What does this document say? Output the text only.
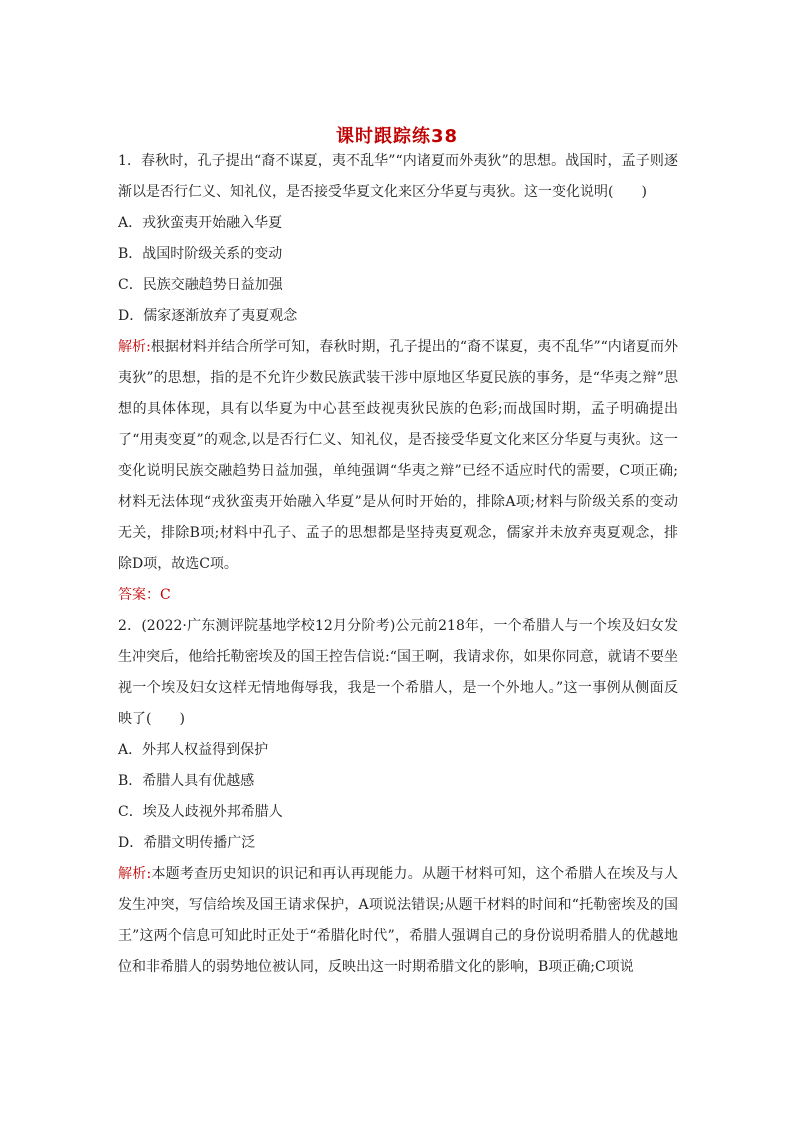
课时跟踪练38

1．春秋时，孔子提出“裔不谋夏，夷不乱华”“内诸夏而外夷狄”的思想。战国时，孟子则逐渐以是否行仁义、知礼仪，是否接受华夏文化来区分华夏与夷狄。这一变化说明(　　)

A．戎狄蛮夷开始融入华夏

B．战国时阶级关系的变动

C．民族交融趋势日益加强

D．儒家逐渐放弃了夷夏观念

解析:根据材料并结合所学可知，春秋时期，孔子提出的“裔不谋夏，夷不乱华”“内诸夏而外夷狄”的思想，指的是不允许少数民族武装干涉中原地区华夏民族的事务，是“华夷之辩”思想的具体体现，具有以华夏为中心甚至歧视夷狄民族的色彩;而战国时期，孟子明确提出了“用夷变夏”的观念,以是否行仁义、知礼仪，是否接受华夏文化来区分华夏与夷狄。这一变化说明民族交融趋势日益加强，单纯强调“华夷之辩”已经不适应时代的需要，C项正确;材料无法体现“戎狄蛮夷开始融入华夏”是从何时开始的，排除A项;材料与阶级关系的变动无关，排除B项;材料中孔子、孟子的思想都是坚持夷夏观念，儒家并未放弃夷夏观念，排除D项，故选C项。

答案：C

2．(2022·广东测评院基地学校12月分阶考)公元前218年，一个希腊人与一个埃及妇女发生冲突后，他给托勒密埃及的国王控告信说:“国王啊，我请求你，如果你同意，就请不要坐视一个埃及妇女这样无情地侮辱我，我是一个希腊人，是一个外地人。”这一事例从侧面反映了(　　)

A．外邦人权益得到保护

B．希腊人具有优越感

C．埃及人歧视外邦希腊人

D．希腊文明传播广泛

解析:本题考查历史知识的识记和再认再现能力。从题干材料可知，这个希腊人在埃及与人发生冲突，写信给埃及国王请求保护，A项说法错误;从题干材料的时间和“托勒密埃及的国王”这两个信息可知此时正处于“希腊化时代”，希腊人强调自己的身份说明希腊人的优越地位和非希腊人的弱势地位被认同，反映出这一时期希腊文化的影响，B项正确;C项说
